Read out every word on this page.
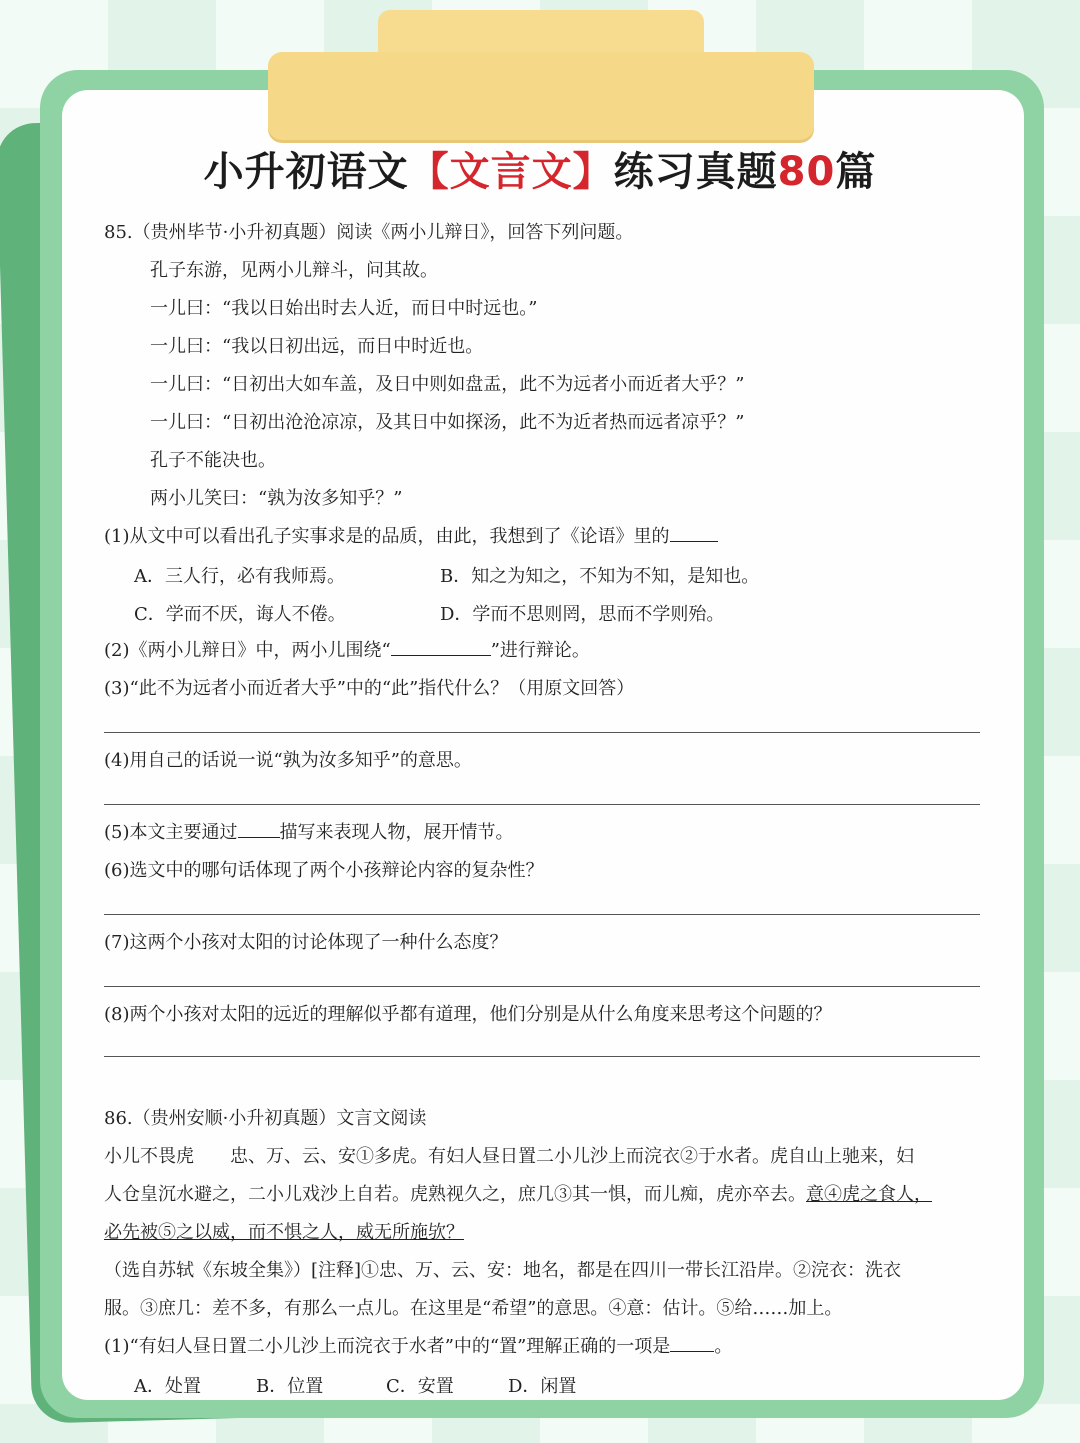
小升初语文【文言文】练习真题80篇
85.（贵州毕节·小升初真题）阅读《两小儿辩日》，回答下列问题。
孔子东游，见两小儿辩斗，问其故。
一儿曰：“我以日始出时去人近，而日中时远也。”
一儿曰：“我以日初出远，而日中时近也。
一儿曰：“日初出大如车盖，及日中则如盘盂，此不为远者小而近者大乎？”
一儿曰：“日初出沧沧凉凉，及其日中如探汤，此不为近者热而远者凉乎？”
孔子不能决也。
两小儿笑曰：“孰为汝多知乎？”
(1)从文中可以看出孔子实事求是的品质，由此，我想到了《论语》里的
A．三人行，必有我师焉。	B．知之为知之，不知为不知，是知也。
C．学而不厌，诲人不倦。	D．学而不思则罔，思而不学则殆。
(2)《两小儿辩日》中，两小儿围绕“	”进行辩论。
(3)“此不为远者小而近者大乎”中的“此”指代什么？（用原文回答）
(4)用自己的话说一说“孰为汝多知乎”的意思。
(5)本文主要通过 描写来表现人物，展开情节。
(6)选文中的哪句话体现了两个小孩辩论内容的复杂性？
(7)这两个小孩对太阳的讨论体现了一种什么态度？
(8)两个小孩对太阳的远近的理解似乎都有道理，他们分别是从什么角度来思考这个问题的？
86.（贵州安顺·小升初真题）文言文阅读
小儿不畏虎　　忠、万、云、安①多虎。有妇人昼日置二小儿沙上而浣衣②于水者。虎自山上驰来，妇
人仓皇沉水避之，二小儿戏沙上自若。虎熟视久之，庶几③其一惧，而儿痴，虎亦卒去。意④虎之食人，
必先被⑤之以威，而不惧之人，威无所施欤？
（选自苏轼《东坡全集》）[注释]①忠、万、云、安：地名，都是在四川一带长江沿岸。②浣衣：洗衣
服。③庶几：差不多，有那么一点儿。在这里是“希望”的意思。④意：估计。⑤给……加上。
(1)“有妇人昼日置二小儿沙上而浣衣于水者”中的“置”理解正确的一项是 。
A．处置	B．位置	C．安置	D．闲置
